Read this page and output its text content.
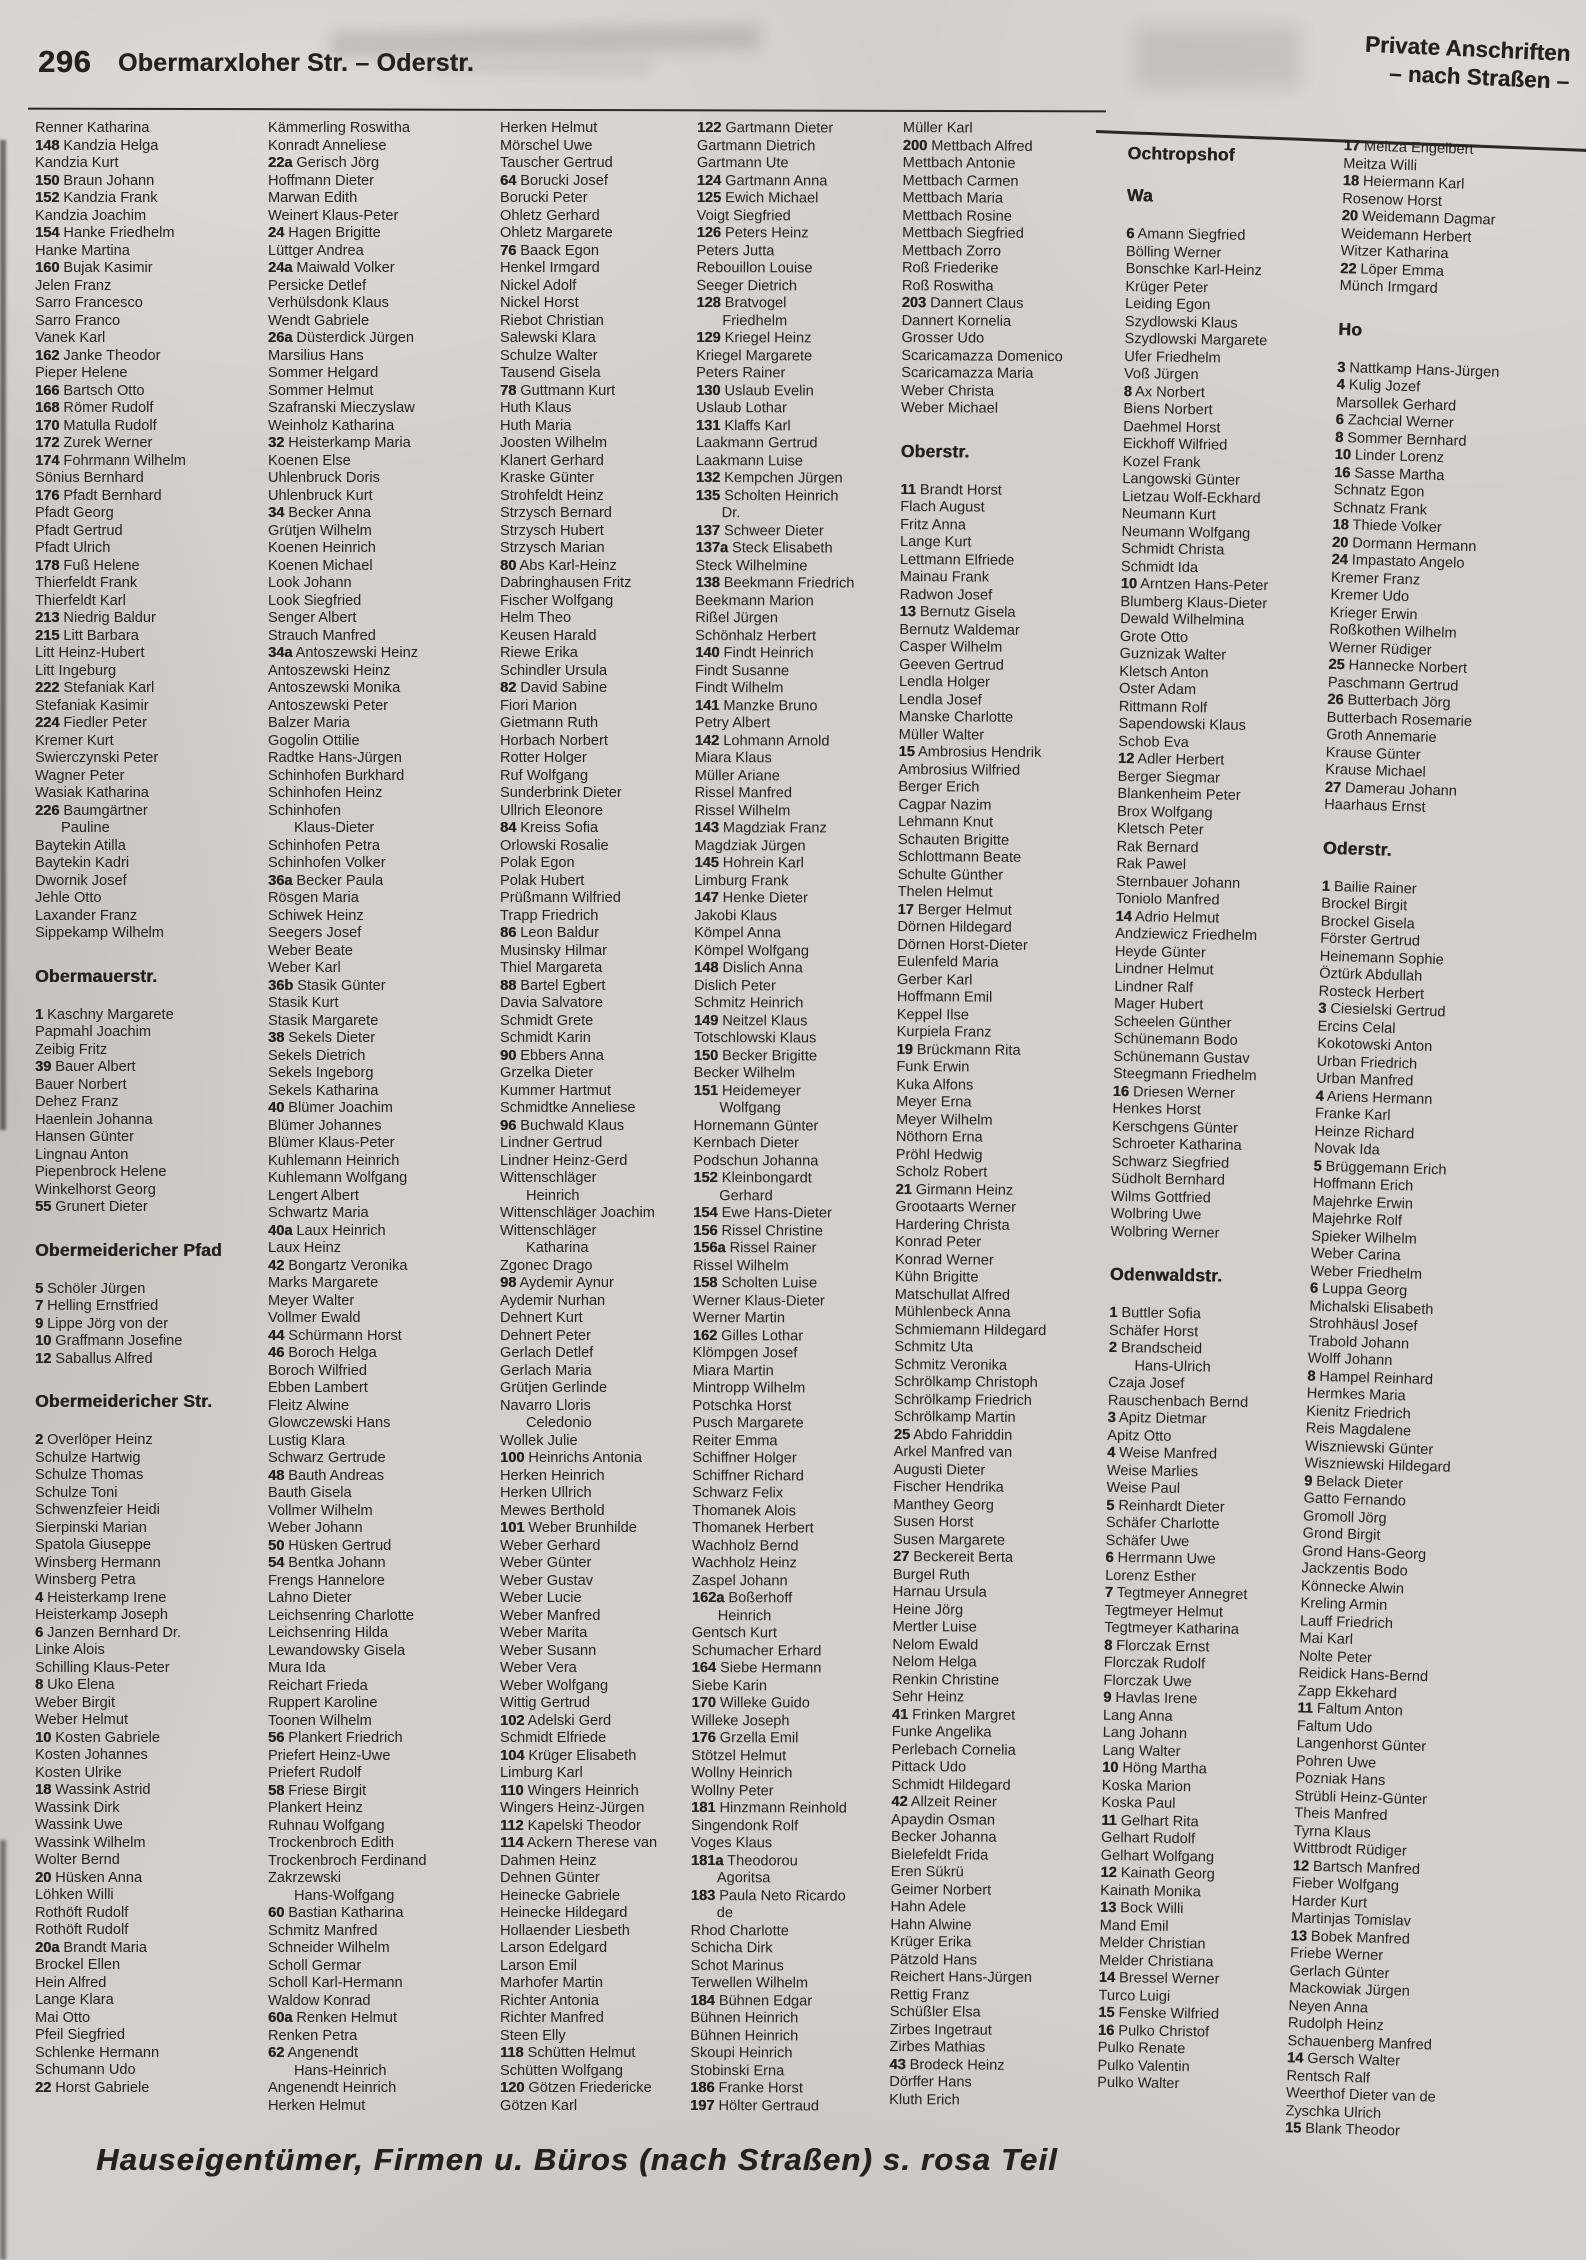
296 Obermarxloher Str. – Oderstr.	Private Anschriften
– nach Straßen –
Renner Katharina
148 Kandzia Helga
Kandzia Kurt
150 Braun Johann
152 Kandzia Frank
Kandzia Joachim
154 Hanke Friedhelm
Hanke Martina
160 Bujak Kasimir
Jelen Franz
Sarro Francesco
Sarro Franco
Vanek Karl
162 Janke Theodor
Pieper Helene
166 Bartsch Otto
168 Römer Rudolf
170 Matulla Rudolf
172 Zurek Werner
174 Fohrmann Wilhelm
Sönius Bernhard
176 Pfadt Bernhard
Pfadt Georg
Pfadt Gertrud
Pfadt Ulrich
178 Fuß Helene
Thierfeldt Frank
Thierfeldt Karl
213 Niedrig Baldur
215 Litt Barbara
Litt Heinz-Hubert
Litt Ingeburg
222 Stefaniak Karl
Stefaniak Kasimir
224 Fiedler Peter
Kremer Kurt
Swierczynski Peter
Wagner Peter
Wasiak Katharina
226 Baumgärtner
Pauline
Baytekin Atilla
Baytekin Kadri
Dwornik Josef
Jehle Otto
Laxander Franz
Sippekamp Wilhelm
Obermauerstr.
1 Kaschny Margarete
Papmahl Joachim
Zeibig Fritz
39 Bauer Albert
Bauer Norbert
Dehez Franz
Haenlein Johanna
Hansen Günter
Lingnau Anton
Piepenbrock Helene
Winkelhorst Georg
55 Grunert Dieter
Obermeidericher Pfad
5 Schöler Jürgen
7 Helling Ernstfried
9 Lippe Jörg von der
10 Graffmann Josefine
12 Saballus Alfred
Obermeidericher Str.
2 Overlöper Heinz
Schulze Hartwig
Schulze Thomas
Schulze Toni
Schwenzfeier Heidi
Sierpinski Marian
Spatola Giuseppe
Winsberg Hermann
Winsberg Petra
4 Heisterkamp Irene
Heisterkamp Joseph
6 Janzen Bernhard Dr.
Linke Alois
Schilling Klaus-Peter
8 Uko Elena
Weber Birgit
Weber Helmut
10 Kosten Gabriele
Kosten Johannes
Kosten Ulrike
18 Wassink Astrid
Wassink Dirk
Wassink Uwe
Wassink Wilhelm
Wolter Bernd
20 Hüsken Anna
Löhken Willi
Rothöft Rudolf
Rothöft Rudolf
20a Brandt Maria
Brockel Ellen
Hein Alfred
Lange Klara
Mai Otto
Pfeil Siegfried
Schlenke Hermann
Schumann Udo
22 Horst Gabriele
Kämmerling Roswitha
Konradt Anneliese
22a Gerisch Jörg
Hoffmann Dieter
Marwan Edith
Weinert Klaus-Peter
24 Hagen Brigitte
Lüttger Andrea
24a Maiwald Volker
Persicke Detlef
Verhülsdonk Klaus
Wendt Gabriele
26a Düsterdick Jürgen
Marsilius Hans
Sommer Helgard
Sommer Helmut
Szafranski Mieczyslaw
Weinholz Katharina
32 Heisterkamp Maria
Koenen Else
Uhlenbruck Doris
Uhlenbruck Kurt
34 Becker Anna
Grütjen Wilhelm
Koenen Heinrich
Koenen Michael
Look Johann
Look Siegfried
Senger Albert
Strauch Manfred
34a Antoszewski Heinz
Antoszewski Heinz
Antoszewski Monika
Antoszewski Peter
Balzer Maria
Gogolin Ottilie
Radtke Hans-Jürgen
Schinhofen Burkhard
Schinhofen Heinz
Schinhofen
Klaus-Dieter
Schinhofen Petra
Schinhofen Volker
36a Becker Paula
Rösgen Maria
Schiwek Heinz
Seegers Josef
Weber Beate
Weber Karl
36b Stasik Günter
Stasik Kurt
Stasik Margarete
38 Sekels Dieter
Sekels Dietrich
Sekels Ingeborg
Sekels Katharina
40 Blümer Joachim
Blümer Johannes
Blümer Klaus-Peter
Kuhlemann Heinrich
Kuhlemann Wolfgang
Lengert Albert
Schwartz Maria
40a Laux Heinrich
Laux Heinz
42 Bongartz Veronika
Marks Margarete
Meyer Walter
Vollmer Ewald
44 Schürmann Horst
46 Boroch Helga
Boroch Wilfried
Ebben Lambert
Fleitz Alwine
Glowczewski Hans
Lustig Klara
Schwarz Gertrude
48 Bauth Andreas
Bauth Gisela
Vollmer Wilhelm
Weber Johann
50 Hüsken Gertrud
54 Bentka Johann
Frengs Hannelore
Lahno Dieter
Leichsenring Charlotte
Leichsenring Hilda
Lewandowsky Gisela
Mura Ida
Reichart Frieda
Ruppert Karoline
Toonen Wilhelm
56 Plankert Friedrich
Priefert Heinz-Uwe
Priefert Rudolf
58 Friese Birgit
Plankert Heinz
Ruhnau Wolfgang
Trockenbroch Edith
Trockenbroch Ferdinand
Zakrzewski
Hans-Wolfgang
60 Bastian Katharina
Schmitz Manfred
Schneider Wilhelm
Scholl Germar
Scholl Karl-Hermann
Waldow Konrad
60a Renken Helmut
Renken Petra
62 Angenendt
Hans-Heinrich
Angenendt Heinrich
Herken Helmut
Herken Helmut
Mörschel Uwe
Tauscher Gertrud
64 Borucki Josef
Borucki Peter
Ohletz Gerhard
Ohletz Margarete
76 Baack Egon
Henkel Irmgard
Nickel Adolf
Nickel Horst
Riebot Christian
Salewski Klara
Schulze Walter
Tausend Gisela
78 Guttmann Kurt
Huth Klaus
Huth Maria
Joosten Wilhelm
Klanert Gerhard
Kraske Günter
Strohfeldt Heinz
Strzysch Bernard
Strzysch Hubert
Strzysch Marian
80 Abs Karl-Heinz
Dabringhausen Fritz
Fischer Wolfgang
Helm Theo
Keusen Harald
Riewe Erika
Schindler Ursula
82 David Sabine
Fiori Marion
Gietmann Ruth
Horbach Norbert
Rotter Holger
Ruf Wolfgang
Sunderbrink Dieter
Ullrich Eleonore
84 Kreiss Sofia
Orlowski Rosalie
Polak Egon
Polak Hubert
Prüßmann Wilfried
Trapp Friedrich
86 Leon Baldur
Musinsky Hilmar
Thiel Margareta
88 Bartel Egbert
Davia Salvatore
Schmidt Grete
Schmidt Karin
90 Ebbers Anna
Grzelka Dieter
Kummer Hartmut
Schmidtke Anneliese
96 Buchwald Klaus
Lindner Gertrud
Lindner Heinz-Gerd
Wittenschläger
Heinrich
Wittenschläger Joachim
Wittenschläger
Katharina
Zgonec Drago
98 Aydemir Aynur
Aydemir Nurhan
Dehnert Kurt
Dehnert Peter
Gerlach Detlef
Gerlach Maria
Grütjen Gerlinde
Navarro Lloris
Celedonio
Wollek Julie
100 Heinrichs Antonia
Herken Heinrich
Herken Ullrich
Mewes Berthold
101 Weber Brunhilde
Weber Gerhard
Weber Günter
Weber Gustav
Weber Lucie
Weber Manfred
Weber Marita
Weber Susann
Weber Vera
Weber Wolfgang
Wittig Gertrud
102 Adelski Gerd
Schmidt Elfriede
104 Krüger Elisabeth
Limburg Karl
110 Wingers Heinrich
Wingers Heinz-Jürgen
112 Kapelski Theodor
114 Ackern Therese van
Dahmen Heinz
Dehnen Günter
Heinecke Gabriele
Heinecke Hildegard
Hollaender Liesbeth
Larson Edelgard
Larson Emil
Marhofer Martin
Richter Antonia
Richter Manfred
Steen Elly
118 Schütten Helmut
Schütten Wolfgang
120 Götzen Friedericke
Götzen Karl
122 Gartmann Dieter
Gartmann Dietrich
Gartmann Ute
124 Gartmann Anna
125 Ewich Michael
Voigt Siegfried
126 Peters Heinz
Peters Jutta
Rebouillon Louise
Seeger Dietrich
128 Bratvogel
Friedhelm
129 Kriegel Heinz
Kriegel Margarete
Peters Rainer
130 Uslaub Evelin
Uslaub Lothar
131 Klaffs Karl
Laakmann Gertrud
Laakmann Luise
132 Kempchen Jürgen
135 Scholten Heinrich
Dr.
137 Schweer Dieter
137a Steck Elisabeth
Steck Wilhelmine
138 Beekmann Friedrich
Beekmann Marion
Rißel Jürgen
Schönhalz Herbert
140 Findt Heinrich
Findt Susanne
Findt Wilhelm
141 Manzke Bruno
Petry Albert
142 Lohmann Arnold
Miara Klaus
Müller Ariane
Rissel Manfred
Rissel Wilhelm
143 Magdziak Franz
Magdziak Jürgen
145 Hohrein Karl
Limburg Frank
147 Henke Dieter
Jakobi Klaus
Kömpel Anna
Kömpel Wolfgang
148 Dislich Anna
Dislich Peter
Schmitz Heinrich
149 Neitzel Klaus
Totschlowski Klaus
150 Becker Brigitte
Becker Wilhelm
151 Heidemeyer
Wolfgang
Hornemann Günter
Kernbach Dieter
Podschun Johanna
152 Kleinbongardt
Gerhard
154 Ewe Hans-Dieter
156 Rissel Christine
156a Rissel Rainer
Rissel Wilhelm
158 Scholten Luise
Werner Klaus-Dieter
Werner Martin
162 Gilles Lothar
Klömpgen Josef
Miara Martin
Mintropp Wilhelm
Potschka Horst
Pusch Margarete
Reiter Emma
Schiffner Holger
Schiffner Richard
Schwarz Felix
Thomanek Alois
Thomanek Herbert
Wachholz Bernd
Wachholz Heinz
Zaspel Johann
162a Boßerhoff
Heinrich
Gentsch Kurt
Schumacher Erhard
164 Siebe Hermann
Siebe Karin
170 Willeke Guido
Willeke Joseph
176 Grzella Emil
Stötzel Helmut
Wollny Heinrich
Wollny Peter
181 Hinzmann Reinhold
Singendonk Rolf
Voges Klaus
181a Theodorou
Agoritsa
183 Paula Neto Ricardo
de
Rhod Charlotte
Schicha Dirk
Schot Marinus
Terwellen Wilhelm
184 Bühnen Edgar
Bühnen Heinrich
Bühnen Heinrich
Skoupi Heinrich
Stobinski Erna
186 Franke Horst
197 Hölter Gertraud
Müller Karl
200 Mettbach Alfred
Mettbach Antonie
Mettbach Carmen
Mettbach Maria
Mettbach Rosine
Mettbach Siegfried
Mettbach Zorro
Roß Friederike
Roß Roswitha
203 Dannert Claus
Dannert Kornelia
Grosser Udo
Scaricamazza Domenico
Scaricamazza Maria
Weber Christa
Weber Michael
Oberstr.
11 Brandt Horst
Flach August
Fritz Anna
Lange Kurt
Lettmann Elfriede
Mainau Frank
Radwon Josef
13 Bernutz Gisela
Bernutz Waldemar
Casper Wilhelm
Geeven Gertrud
Lendla Holger
Lendla Josef
Manske Charlotte
Müller Walter
15 Ambrosius Hendrik
Ambrosius Wilfried
Berger Erich
Cagpar Nazim
Lehmann Knut
Schauten Brigitte
Schlottmann Beate
Schulte Günther
Thelen Helmut
17 Berger Helmut
Dörnen Hildegard
Dörnen Horst-Dieter
Eulenfeld Maria
Gerber Karl
Hoffmann Emil
Keppel Ilse
Kurpiela Franz
19 Brückmann Rita
Funk Erwin
Kuka Alfons
Meyer Erna
Meyer Wilhelm
Nöthorn Erna
Pröhl Hedwig
Scholz Robert
21 Girmann Heinz
Grootaarts Werner
Hardering Christa
Konrad Peter
Konrad Werner
Kühn Brigitte
Matschullat Alfred
Mühlenbeck Anna
Schmiemann Hildegard
Schmitz Uta
Schmitz Veronika
Schrölkamp Christoph
Schrölkamp Friedrich
Schrölkamp Martin
25 Abdo Fahriddin
Arkel Manfred van
Augusti Dieter
Fischer Hendrika
Manthey Georg
Susen Horst
Susen Margarete
27 Beckereit Berta
Burgel Ruth
Harnau Ursula
Heine Jörg
Mertler Luise
Nelom Ewald
Nelom Helga
Renkin Christine
Sehr Heinz
41 Frinken Margret
Funke Angelika
Perlebach Cornelia
Pittack Udo
Schmidt Hildegard
42 Allzeit Reiner
Apaydin Osman
Becker Johanna
Bielefeldt Frida
Eren Sükrü
Geimer Norbert
Hahn Adele
Hahn Alwine
Krüger Erika
Pätzold Hans
Reichert Hans-Jürgen
Rettig Franz
Schüßler Elsa
Zirbes Ingetraut
Zirbes Mathias
43 Brodeck Heinz
Dörffer Hans
Kluth Erich
Ochtropshof
Wa
6 Amann Siegfried
Bölling Werner
Bonschke Karl-Heinz
Krüger Peter
Leiding Egon
Szydlowski Klaus
Szydlowski Margarete
Ufer Friedhelm
Voß Jürgen
8 Ax Norbert
Biens Norbert
Daehmel Horst
Eickhoff Wilfried
Kozel Frank
Langowski Günter
Lietzau Wolf-Eckhard
Neumann Kurt
Neumann Wolfgang
Schmidt Christa
Schmidt Ida
10 Arntzen Hans-Peter
Blumberg Klaus-Dieter
Dewald Wilhelmina
Grote Otto
Guznizak Walter
Kletsch Anton
Oster Adam
Rittmann Rolf
Sapendowski Klaus
Schob Eva
12 Adler Herbert
Berger Siegmar
Blankenheim Peter
Brox Wolfgang
Kletsch Peter
Rak Bernard
Rak Pawel
Sternbauer Johann
Toniolo Manfred
14 Adrio Helmut
Andziewicz Friedhelm
Heyde Günter
Lindner Helmut
Lindner Ralf
Mager Hubert
Scheelen Günther
Schünemann Bodo
Schünemann Gustav
Steegmann Friedhelm
16 Driesen Werner
Henkes Horst
Kerschgens Günter
Schroeter Katharina
Schwarz Siegfried
Südholt Bernhard
Wilms Gottfried
Wolbring Uwe
Wolbring Werner
Odenwaldstr.
1 Buttler Sofia
Schäfer Horst
2 Brandscheid
Hans-Ulrich
Czaja Josef
Rauschenbach Bernd
3 Apitz Dietmar
Apitz Otto
4 Weise Manfred
Weise Marlies
Weise Paul
5 Reinhardt Dieter
Schäfer Charlotte
Schäfer Uwe
6 Herrmann Uwe
Lorenz Esther
7 Tegtmeyer Annegret
Tegtmeyer Helmut
Tegtmeyer Katharina
8 Florczak Ernst
Florczak Rudolf
Florczak Uwe
9 Havlas Irene
Lang Anna
Lang Johann
Lang Walter
10 Höng Martha
Koska Marion
Koska Paul
11 Gelhart Rita
Gelhart Rudolf
Gelhart Wolfgang
12 Kainath Georg
Kainath Monika
13 Bock Willi
Mand Emil
Melder Christian
Melder Christiana
14 Bressel Werner
Turco Luigi
15 Fenske Wilfried
16 Pulko Christof
Pulko Renate
Pulko Valentin
Pulko Walter
17 Meitza Engelbert
Meitza Willi
18 Heiermann Karl
Rosenow Horst
20 Weidemann Dagmar
Weidemann Herbert
Witzer Katharina
22 Löper Emma
Münch Irmgard
Ho
3 Nattkamp Hans-Jürgen
4 Kulig Jozef
Marsollek Gerhard
6 Zachcial Werner
8 Sommer Bernhard
10 Linder Lorenz
16 Sasse Martha
Schnatz Egon
Schnatz Frank
18 Thiede Volker
20 Dormann Hermann
24 Impastato Angelo
Kremer Franz
Kremer Udo
Krieger Erwin
Roßkothen Wilhelm
Werner Rüdiger
25 Hannecke Norbert
Paschmann Gertrud
26 Butterbach Jörg
Butterbach Rosemarie
Groth Annemarie
Krause Günter
Krause Michael
27 Damerau Johann
Haarhaus Ernst
Oderstr.
1 Bailie Rainer
Brockel Birgit
Brockel Gisela
Förster Gertrud
Heinemann Sophie
Öztürk Abdullah
Rosteck Herbert
3 Ciesielski Gertrud
Ercins Celal
Kokotowski Anton
Urban Friedrich
Urban Manfred
4 Ariens Hermann
Franke Karl
Heinze Richard
Novak Ida
5 Brüggemann Erich
Hoffmann Erich
Majehrke Erwin
Majehrke Rolf
Spieker Wilhelm
Weber Carina
Weber Friedhelm
6 Luppa Georg
Michalski Elisabeth
Strohhäusl Josef
Trabold Johann
Wolff Johann
8 Hampel Reinhard
Hermkes Maria
Kienitz Friedrich
Reis Magdalene
Wiszniewski Günter
Wiszniewski Hildegard
9 Belack Dieter
Gatto Fernando
Gromoll Jörg
Grond Birgit
Grond Hans-Georg
Jackzentis Bodo
Könnecke Alwin
Kreling Armin
Lauff Friedrich
Mai Karl
Nolte Peter
Reidick Hans-Bernd
Zapp Ekkehard
11 Faltum Anton
Faltum Udo
Langenhorst Günter
Pohren Uwe
Pozniak Hans
Strübli Heinz-Günter
Theis Manfred
Tyrna Klaus
Wittbrodt Rüdiger
12 Bartsch Manfred
Fieber Wolfgang
Harder Kurt
Martinjas Tomislav
13 Bobek Manfred
Friebe Werner
Gerlach Günter
Mackowiak Jürgen
Neyen Anna
Rudolph Heinz
Schauenberg Manfred
14 Gersch Walter
Rentsch Ralf
Weerthof Dieter van de
Zyschka Ulrich
15 Blank Theodor
Hauseigentümer, Firmen u. Büros (nach Straßen) s. rosa Teil
